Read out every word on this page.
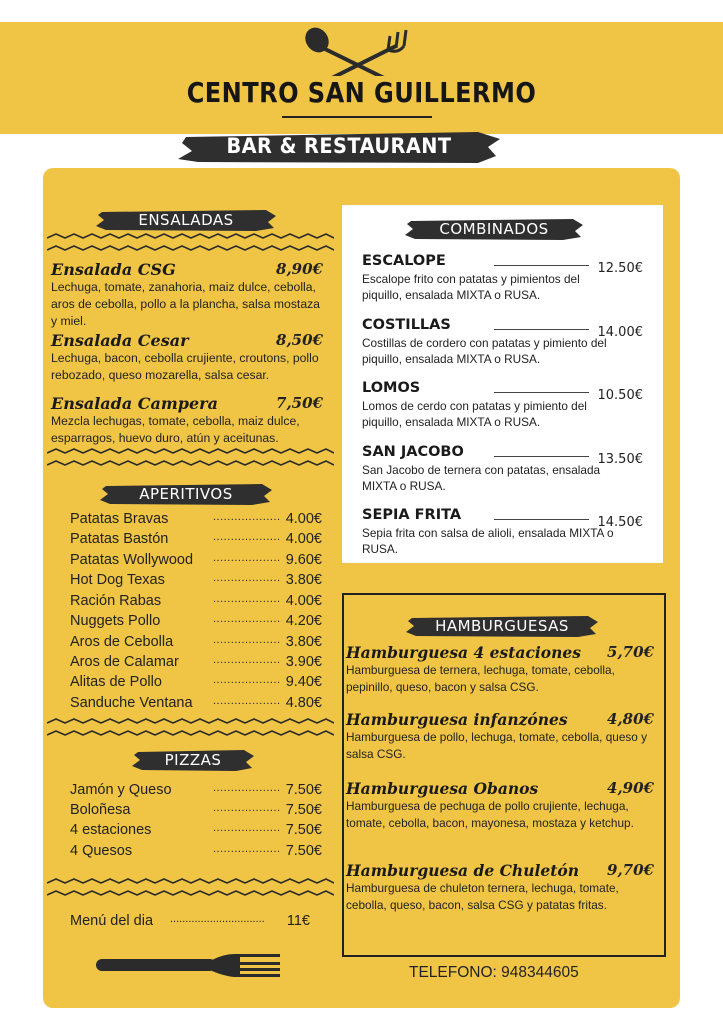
CENTRO SAN GUILLERMO
BAR & RESTAURANT
ENSALADAS
Ensalada CSG	8,90€
Lechuga, tomate, zanahoria, maiz dulce, cebolla, aros de cebolla, pollo a la plancha, salsa mostaza y miel.
Ensalada Cesar	8,50€
Lechuga, bacon, cebolla crujiente, croutons, pollo rebozado, queso mozarella, salsa cesar.
Ensalada Campera	7,50€
Mezcla lechugas, tomate, cebolla, maiz dulce, esparragos, huevo duro, atún y aceitunas.
APERITIVOS
Patatas Bravas	................... 4.00€
Patatas Bastón	................... 4.00€
Patatas Wollywood ................... 9.60€
Hot Dog Texas	................... 3.80€
Ración Rabas	................... 4.00€
Nuggets Pollo	................... 4.20€
Aros de Cebolla	................... 3.80€
Aros de Calamar	................... 3.90€
Alitas de Pollo	................... 9.40€
Sanduche Ventana ................... 4.80€
PIZZAS
Jamón y Queso	................... 7.50€
Boloñesa	................... 7.50€
4 estaciones	................... 7.50€
4 Quesos	................... 7.50€
Menú del dia ............................... 11€
COMBINADOS
ESCALOPE	12.50€
Escalope frito con patatas y pimientos del piquillo, ensalada MIXTA o RUSA.
COSTILLAS	14.00€
Costillas de cordero con patatas y pimiento del piquillo, ensalada MIXTA o RUSA.
LOMOS	10.50€
Lomos de cerdo con patatas y pimiento del piquillo, ensalada MIXTA o RUSA.
SAN JACOBO	13.50€
San Jacobo de ternera con patatas, ensalada MIXTA o RUSA.
SEPIA FRITA	14.50€
Sepia frita con salsa de alioli, ensalada MIXTA o RUSA.
HAMBURGUESAS
Hamburguesa 4 estaciones	5,70€
Hamburguesa de ternera, lechuga, tomate, cebolla, pepinillo, queso, bacon y salsa CSG.
Hamburguesa infanzónes	4,80€
Hamburguesa de pollo, lechuga, tomate, cebolla, queso y salsa CSG.
Hamburguesa Obanos	4,90€
Hamburguesa de pechuga de pollo crujiente, lechuga, tomate, cebolla, bacon, mayonesa, mostaza y ketchup.
Hamburguesa de Chuletón	9,70€
Hamburguesa de chuleton ternera, lechuga, tomate, cebolla, queso, bacon, salsa CSG y patatas fritas.
TELEFONO: 948344605
